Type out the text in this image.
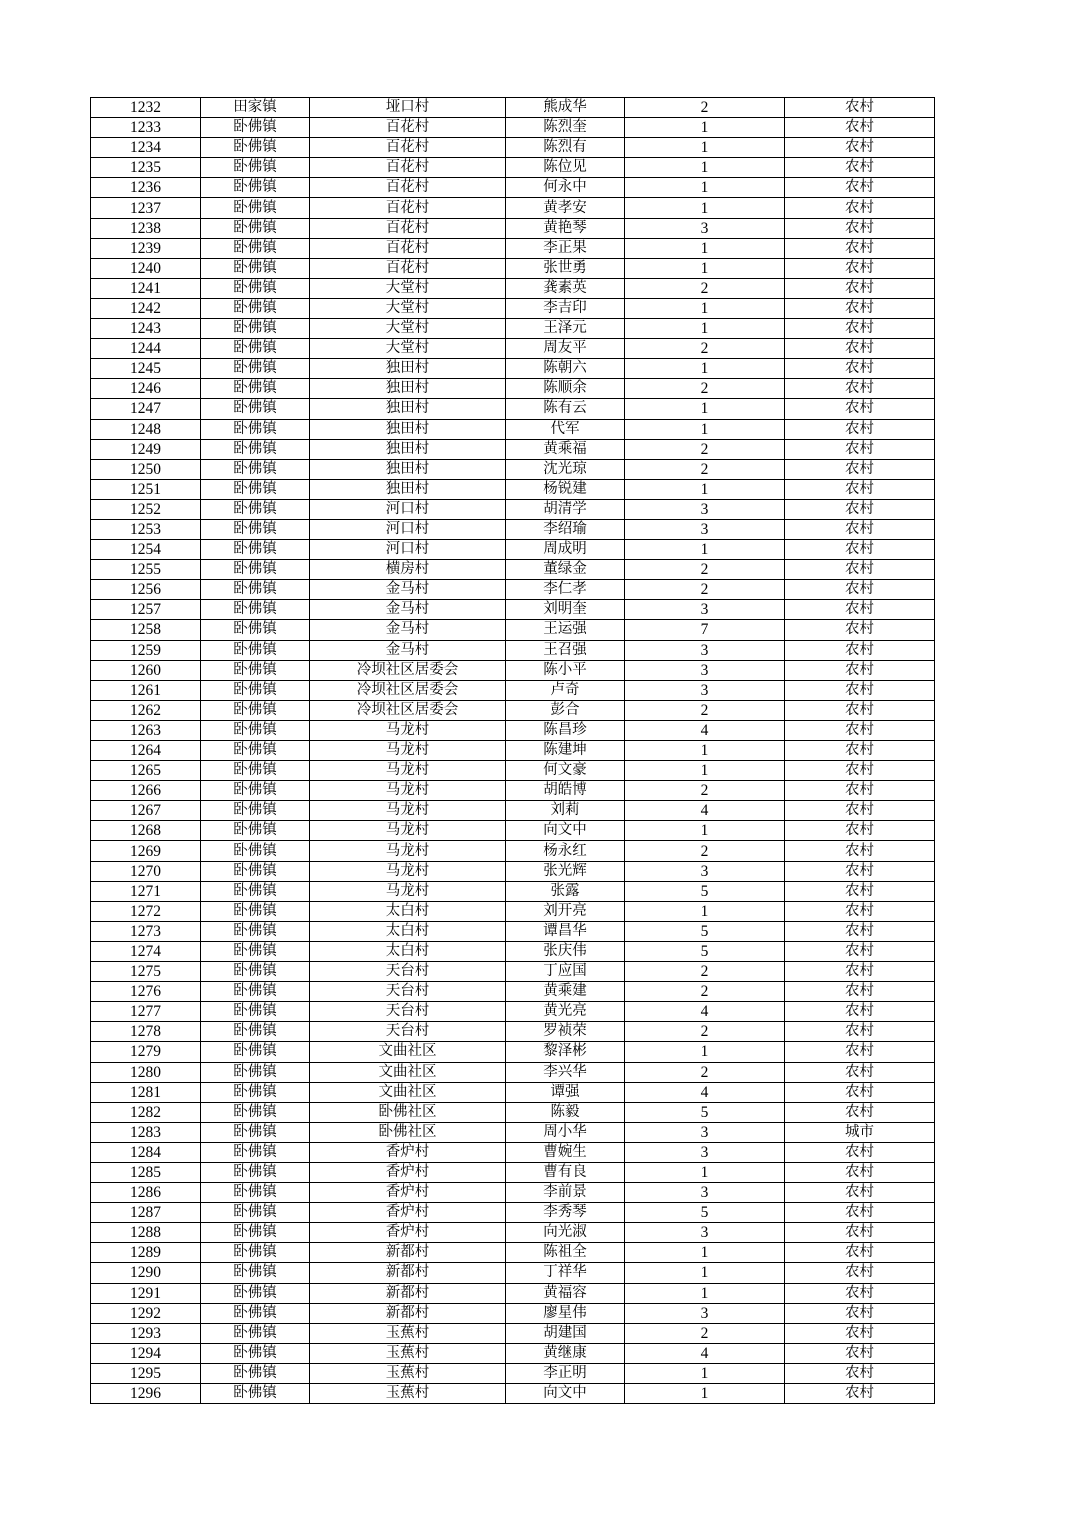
1232	田家镇	垭口村	熊成华	2	农村
1233	卧佛镇	百花村	陈烈奎	1	农村
1234	卧佛镇	百花村	陈烈有	1	农村
1235	卧佛镇	百花村	陈位见	1	农村
1236	卧佛镇	百花村	何永中	1	农村
1237	卧佛镇	百花村	黄孝安	1	农村
1238	卧佛镇	百花村	黄艳琴	3	农村
1239	卧佛镇	百花村	李正果	1	农村
1240	卧佛镇	百花村	张世勇	1	农村
1241	卧佛镇	大堂村	龚素英	2	农村
1242	卧佛镇	大堂村	李吉印	1	农村
1243	卧佛镇	大堂村	王泽元	1	农村
1244	卧佛镇	大堂村	周友平	2	农村
1245	卧佛镇	独田村	陈朝六	1	农村
1246	卧佛镇	独田村	陈顺余	2	农村
1247	卧佛镇	独田村	陈有云	1	农村
1248	卧佛镇	独田村	代军	1	农村
1249	卧佛镇	独田村	黄乘福	2	农村
1250	卧佛镇	独田村	沈光琼	2	农村
1251	卧佛镇	独田村	杨锐建	1	农村
1252	卧佛镇	河口村	胡清学	3	农村
1253	卧佛镇	河口村	李绍瑜	3	农村
1254	卧佛镇	河口村	周成明	1	农村
1255	卧佛镇	横房村	董绿金	2	农村
1256	卧佛镇	金马村	李仁孝	2	农村
1257	卧佛镇	金马村	刘明奎	3	农村
1258	卧佛镇	金马村	王运强	7	农村
1259	卧佛镇	金马村	王召强	3	农村
1260	卧佛镇	冷坝社区居委会	陈小平	3	农村
1261	卧佛镇	冷坝社区居委会	卢奇	3	农村
1262	卧佛镇	冷坝社区居委会	彭合	2	农村
1263	卧佛镇	马龙村	陈昌珍	4	农村
1264	卧佛镇	马龙村	陈建坤	1	农村
1265	卧佛镇	马龙村	何文豪	1	农村
1266	卧佛镇	马龙村	胡皓博	2	农村
1267	卧佛镇	马龙村	刘莉	4	农村
1268	卧佛镇	马龙村	向文中	1	农村
1269	卧佛镇	马龙村	杨永红	2	农村
1270	卧佛镇	马龙村	张光辉	3	农村
1271	卧佛镇	马龙村	张露	5	农村
1272	卧佛镇	太白村	刘开亮	1	农村
1273	卧佛镇	太白村	谭昌华	5	农村
1274	卧佛镇	太白村	张庆伟	5	农村
1275	卧佛镇	天台村	丁应国	2	农村
1276	卧佛镇	天台村	黄乘建	2	农村
1277	卧佛镇	天台村	黄光亮	4	农村
1278	卧佛镇	天台村	罗祯荣	2	农村
1279	卧佛镇	文曲社区	黎泽彬	1	农村
1280	卧佛镇	文曲社区	李兴华	2	农村
1281	卧佛镇	文曲社区	谭强	4	农村
1282	卧佛镇	卧佛社区	陈毅	5	农村
1283	卧佛镇	卧佛社区	周小华	3	城市
1284	卧佛镇	香炉村	曹婉生	3	农村
1285	卧佛镇	香炉村	曹有良	1	农村
1286	卧佛镇	香炉村	李前景	3	农村
1287	卧佛镇	香炉村	李秀琴	5	农村
1288	卧佛镇	香炉村	向光淑	3	农村
1289	卧佛镇	新都村	陈祖全	1	农村
1290	卧佛镇	新都村	丁祥华	1	农村
1291	卧佛镇	新都村	黄福容	1	农村
1292	卧佛镇	新都村	廖星伟	3	农村
1293	卧佛镇	玉蕉村	胡建国	2	农村
1294	卧佛镇	玉蕉村	黄继康	4	农村
1295	卧佛镇	玉蕉村	李正明	1	农村
1296	卧佛镇	玉蕉村	向文中	1	农村
